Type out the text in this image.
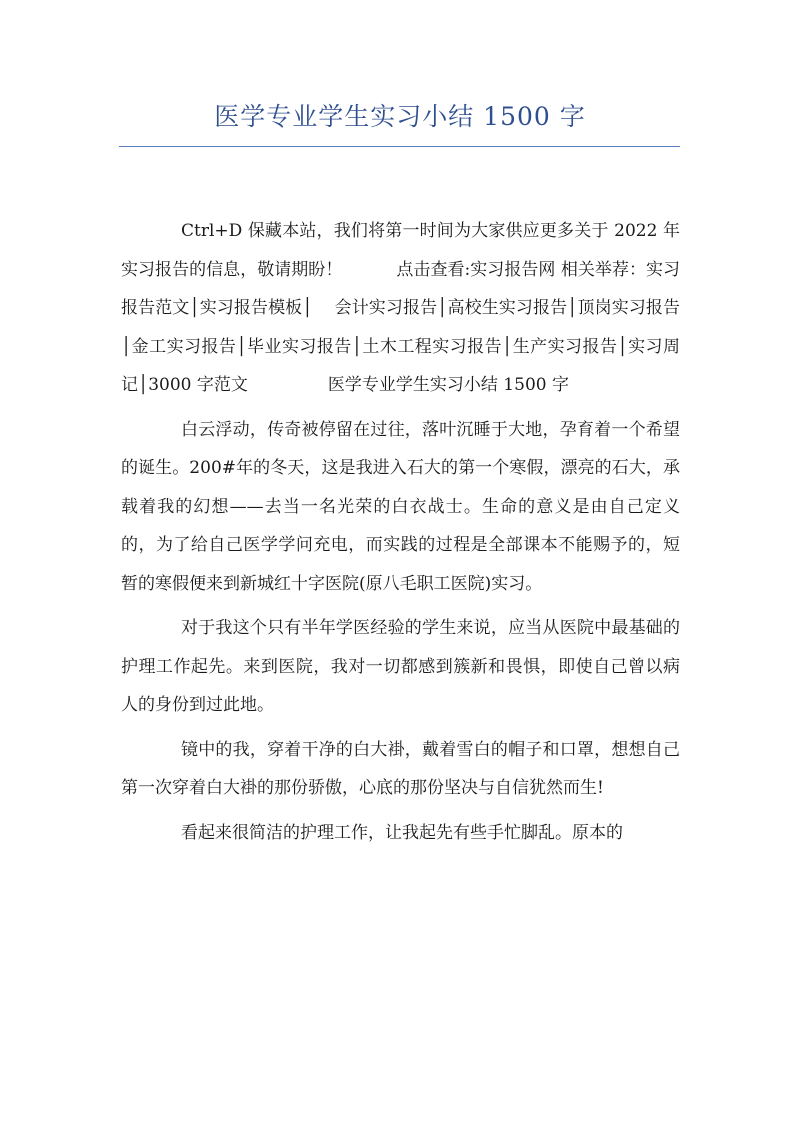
医学专业学生实习小结 1500 字

Ctrl+D 保藏本站，我们将第一时间为大家供应更多关于 2022 年实习报告的信息，敬请期盼！	点击查看:实习报告网 相关举荐：实习报告范文│实习报告模板│ 会计实习报告│高校生实习报告│顶岗实习报告│金工实习报告│毕业实习报告│土木工程实习报告│生产实习报告│实习周记│3000 字范文	医学专业学生实习小结 1500 字

白云浮动，传奇被停留在过往，落叶沉睡于大地，孕育着一个希望的诞生。200#年的冬天，这是我进入石大的第一个寒假，漂亮的石大，承载着我的幻想——去当一名光荣的白衣战士。生命的意义是由自己定义的，为了给自己医学学问充电，而实践的过程是全部课本不能赐予的，短暂的寒假便来到新城红十字医院(原八毛职工医院)实习。

对于我这个只有半年学医经验的学生来说，应当从医院中最基础的护理工作起先。来到医院，我对一切都感到簇新和畏惧，即使自己曾以病人的身份到过此地。

镜中的我，穿着干净的白大褂，戴着雪白的帽子和口罩，想想自己第一次穿着白大褂的那份骄傲，心底的那份坚决与自信犹然而生!

看起来很简洁的护理工作，让我起先有些手忙脚乱。原本的
